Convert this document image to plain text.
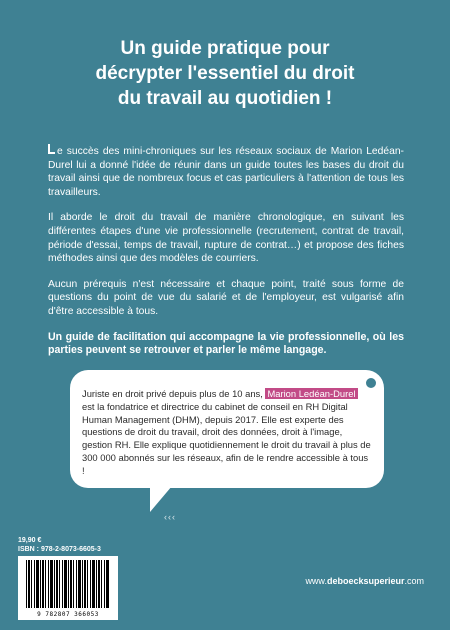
Un guide pratique pour
décrypter l'essentiel du droit
du travail au quotidien !

e succès des mini-chroniques sur les réseaux sociaux de Marion Ledéan-Durel lui a donné l'idée de réunir dans un guide toutes les bases du droit du travail ainsi que de nombreux focus et cas particuliers à l'attention de tous les travailleurs.

Il aborde le droit du travail de manière chronologique, en suivant les différentes étapes d'une vie professionnelle (recrutement, contrat de travail, période d'essai, temps de travail, rupture de contrat…) et propose des fiches méthodes ainsi que des modèles de courriers.

Aucun prérequis n'est nécessaire et chaque point, traité sous forme de questions du point de vue du salarié et de l'employeur, est vulgarisé afin d'être accessible à tous.

Un guide de facilitation qui accompagne la vie professionnelle, où les parties peuvent se retrouver et parler le même langage.

Juriste en droit privé depuis plus de 10 ans, Marion Ledéan-Durel est la fondatrice et directrice du cabinet de conseil en RH Digital Human Management (DHM), depuis 2017. Elle est experte des questions de droit du travail, droit des données, droit à l'image, gestion RH. Elle explique quotidiennement le droit du travail à plus de 300 000 abonnés sur les réseaux, afin de le rendre accessible à tous !

‹‹‹
19,90 €
ISBN : 978-2-8073-6605-3
9 782807 366053
www.deboecksuperieur.com
